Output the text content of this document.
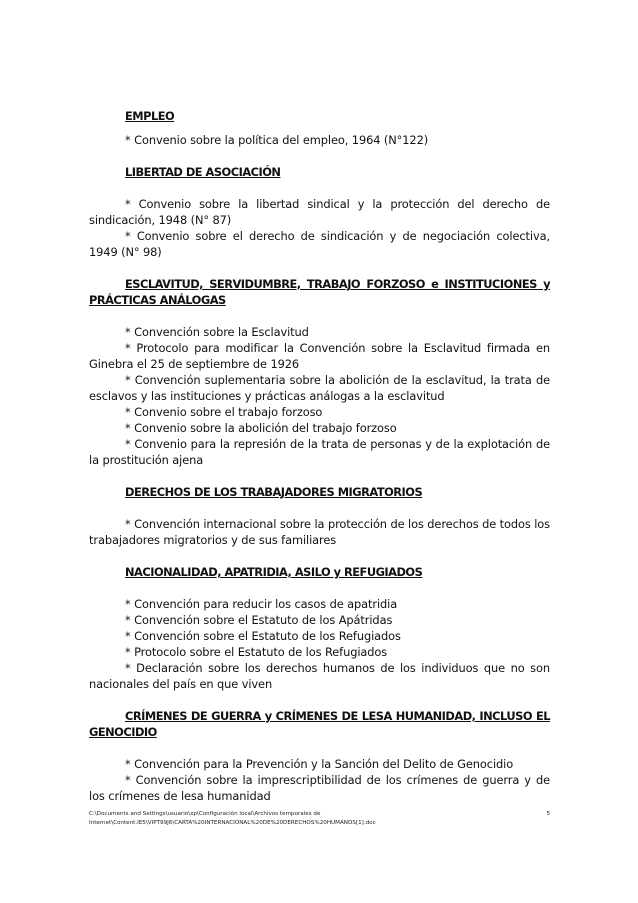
EMPLEO

* Convenio sobre la política del empleo, 1964 (N°122)

LIBERTAD DE ASOCIACIÓN

* Convenio sobre la libertad sindical y la protección del derecho de sindicación, 1948 (N° 87)

* Convenio sobre el derecho de sindicación y de negociación colectiva, 1949 (N° 98)

ESCLAVITUD, SERVIDUMBRE, TRABAJO FORZOSO e INSTITUCIONES y PRÁCTICAS ANÁLOGAS

* Convención sobre la Esclavitud

* Protocolo para modificar la Convención sobre la Esclavitud firmada en Ginebra el 25 de septiembre de 1926

* Convención suplementaria sobre la abolición de la esclavitud, la trata de esclavos y las instituciones y prácticas análogas a la esclavitud

* Convenio sobre el trabajo forzoso

* Convenio sobre la abolición del trabajo forzoso

* Convenio para la represión de la trata de personas y de la explotación de la prostitución ajena

DERECHOS DE LOS TRABAJADORES MIGRATORIOS

* Convención internacional sobre la protección de los derechos de todos los trabajadores migratorios y de sus familiares

NACIONALIDAD, APATRIDIA, ASILO y REFUGIADOS

* Convención para reducir los casos de apatridia

* Convención sobre el Estatuto de los Apátridas

* Convención sobre el Estatuto de los Refugiados

* Protocolo sobre el Estatuto de los Refugiados

* Declaración sobre los derechos humanos de los individuos que no son nacionales del país en que viven

CRÍMENES DE GUERRA y CRÍMENES DE LESA HUMANIDAD, INCLUSO EL GENOCIDIO

* Convención para la Prevención y la Sanción del Delito de Genocidio

* Convención sobre la imprescriptibilidad de los crímenes de guerra y de los crímenes de lesa humanidad

C:\Documents and Settings\usuario\xp\Configuración local\Archivos temporales de Internet\Content.IE5\VIPT99J6\CARTA%20INTERNACIONAL%20DE%20DERECHOS%20HUMANOS[1].doc
5
